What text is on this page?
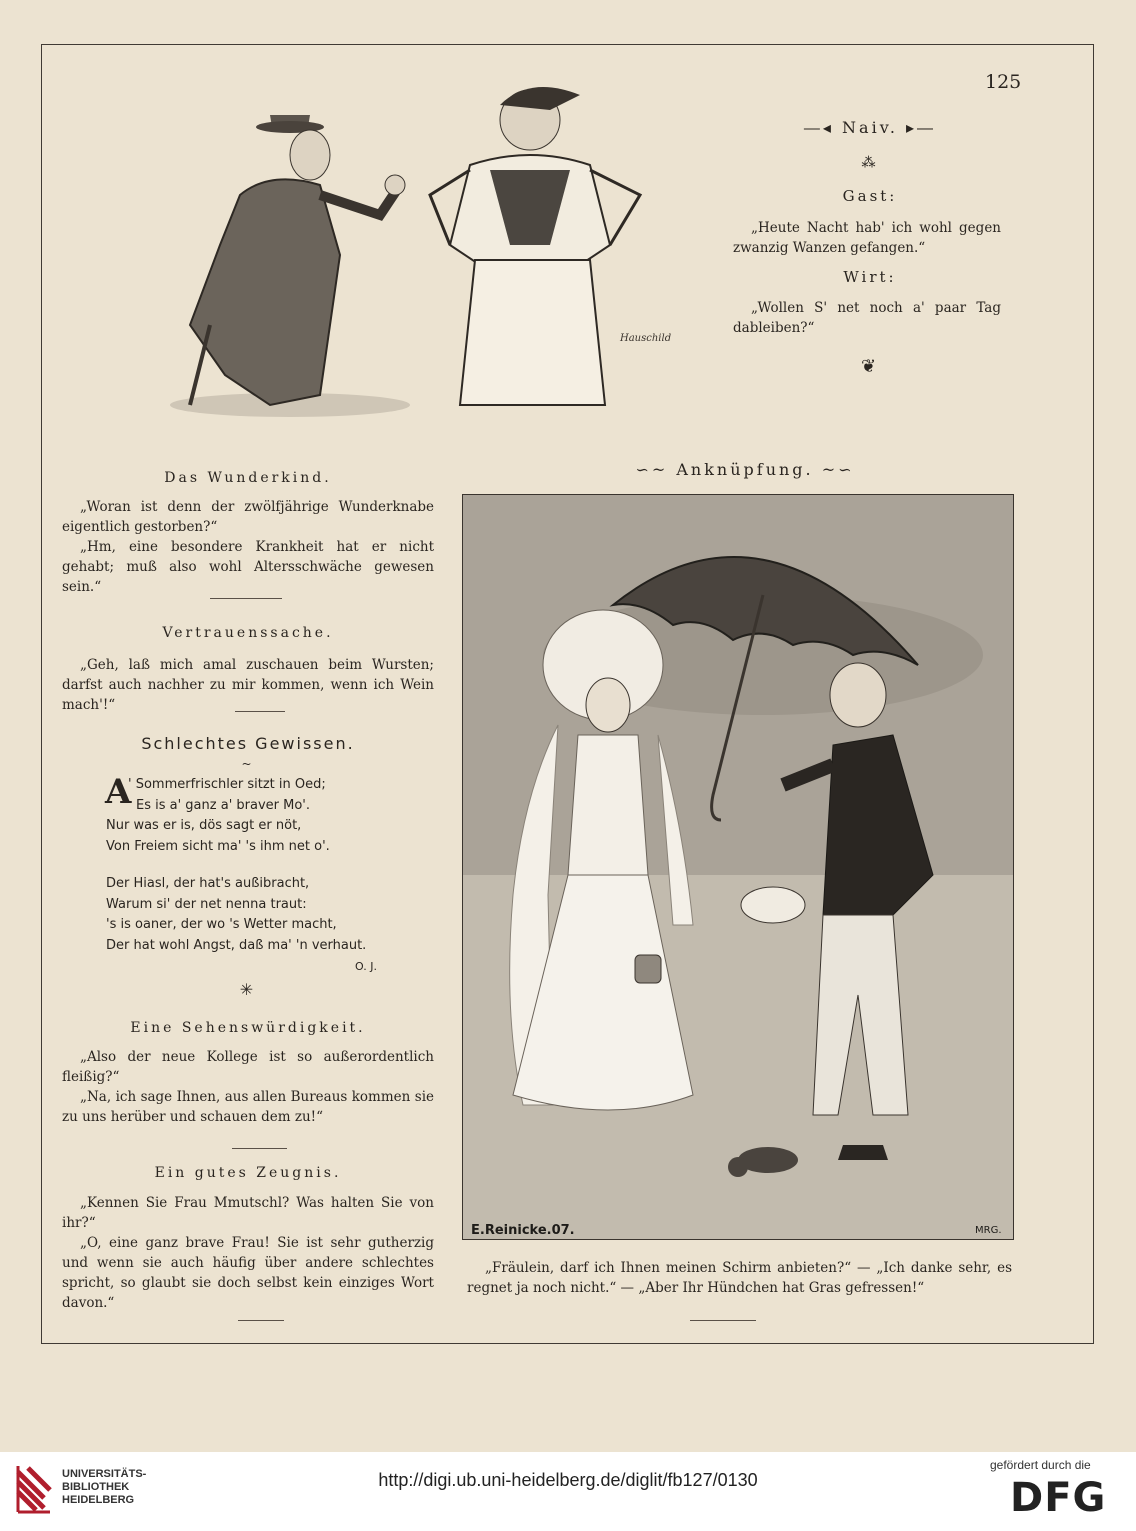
125
Hauschild
―◂ Naiv. ▸―
⁂
Gast:

„Heute Nacht hab' ich wohl gegen zwanzig Wanzen gefangen.“

Wirt:

„Wollen S' net noch a' paar Tag dableiben?“

❦
Das Wunderkind.

„Woran ist denn der zwölfjährige Wunderknabe eigentlich gestorben?“

„Hm, eine besondere Krankheit hat er nicht gehabt; muß also wohl Altersschwäche gewesen sein.“

Vertrauenssache.

„Geh, laß mich amal zuschauen beim Wursten; darfst auch nachher zu mir kommen, wenn ich Wein mach'!“

Schlechtes Gewissen.
~
A
' Sommerfrischler sitzt in Oed;
Es is a' ganz a' braver Mo'.
Nur was er is, dös sagt er nöt,
Von Freiem sicht ma' 's ihm net o'.
Der Hiasl, der hat's außibracht,
Warum si' der net nenna traut:
's is oaner, der wo 's Wetter macht,
Der hat wohl Angst, daß ma' 'n verhaut.
O. J.
✳
Eine Sehenswürdigkeit.

„Also der neue Kollege ist so außerordentlich fleißig?“

„Na, ich sage Ihnen, aus allen Bureaus kommen sie zu uns herüber und schauen dem zu!“

Ein gutes Zeugnis.

„Kennen Sie Frau Mmutschl? Was halten Sie von ihr?“

„O, eine ganz brave Frau! Sie ist sehr gutherzig und wenn sie auch häufig über andere schlechtes spricht, so glaubt sie doch selbst kein einziges Wort davon.“

∽~ Anknüpfung. ~∽
E.Reinicke.07.	MRG.

„Fräulein, darf ich Ihnen meinen Schirm anbieten?“ — „Ich danke sehr, es regnet ja noch nicht.“ — „Aber Ihr Hündchen hat Gras gefressen!“

UNIVERSITÄTS-
BIBLIOTHEK
HEIDELBERG
http://digi.ub.uni-heidelberg.de/diglit/fb127/0130
gefördert durch die
DFG
